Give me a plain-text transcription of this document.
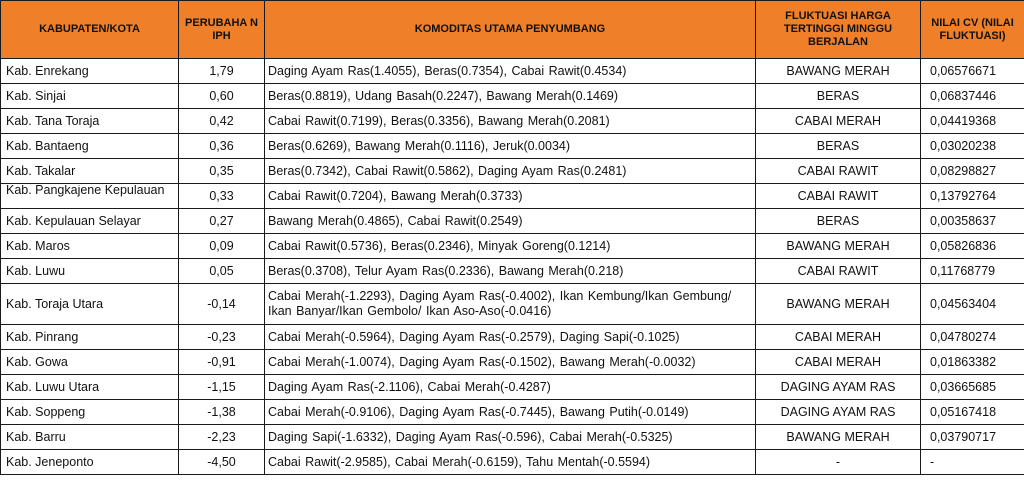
KABUPATEN/KOTA	PERUBAHA N IPH	KOMODITAS UTAMA PENYUMBANG	FLUKTUASI HARGA TERTINGGI MINGGU BERJALAN	NILAI CV (NILAI FLUKTUASI)
Kab. Enrekang	1,79	Daging Ayam Ras(1.4055), Beras(0.7354), Cabai Rawit(0.4534)	BAWANG MERAH	0,06576671
Kab. Sinjai	0,60	Beras(0.8819), Udang Basah(0.2247), Bawang Merah(0.1469)	BERAS	0,06837446
Kab. Tana Toraja	0,42	Cabai Rawit(0.7199), Beras(0.3356), Bawang Merah(0.2081)	CABAI MERAH	0,04419368
Kab. Bantaeng	0,36	Beras(0.6269), Bawang Merah(0.1116), Jeruk(0.0034)	BERAS	0,03020238
Kab. Takalar	0,35	Beras(0.7342), Cabai Rawit(0.5862), Daging Ayam Ras(0.2481)	CABAI RAWIT	0,08298827

Kab. Pangkajene Kepulauan	0,33	Cabai Rawit(0.7204), Bawang Merah(0.3733)	CABAI RAWIT	0,13792764
Kab. Kepulauan Selayar	0,27	Bawang Merah(0.4865), Cabai Rawit(0.2549)	BERAS	0,00358637
Kab. Maros	0,09	Cabai Rawit(0.5736), Beras(0.2346), Minyak Goreng(0.1214)	BAWANG MERAH	0,05826836
Kab. Luwu	0,05	Beras(0.3708), Telur Ayam Ras(0.2336), Bawang Merah(0.218)	CABAI RAWIT	0,11768779
Kab. Toraja Utara	-0,14	Cabai Merah(-1.2293), Daging Ayam Ras(-0.4002), Ikan Kembung/Ikan Gembung/ Ikan Banyar/Ikan Gembolo/ Ikan Aso-Aso(-0.0416)	BAWANG MERAH	0,04563404
Kab. Pinrang	-0,23	Cabai Merah(-0.5964), Daging Ayam Ras(-0.2579), Daging Sapi(-0.1025)	CABAI MERAH	0,04780274
Kab. Gowa	-0,91	Cabai Merah(-1.0074), Daging Ayam Ras(-0.1502), Bawang Merah(-0.0032)	CABAI MERAH	0,01863382
Kab. Luwu Utara	-1,15	Daging Ayam Ras(-2.1106), Cabai Merah(-0.4287)	DAGING AYAM RAS	0,03665685
Kab. Soppeng	-1,38	Cabai Merah(-0.9106), Daging Ayam Ras(-0.7445), Bawang Putih(-0.0149)	DAGING AYAM RAS	0,05167418
Kab. Barru	-2,23	Daging Sapi(-1.6332), Daging Ayam Ras(-0.596), Cabai Merah(-0.5325)	BAWANG MERAH	0,03790717
Kab. Jeneponto	-4,50	Cabai Rawit(-2.9585), Cabai Merah(-0.6159), Tahu Mentah(-0.5594)	-	-
